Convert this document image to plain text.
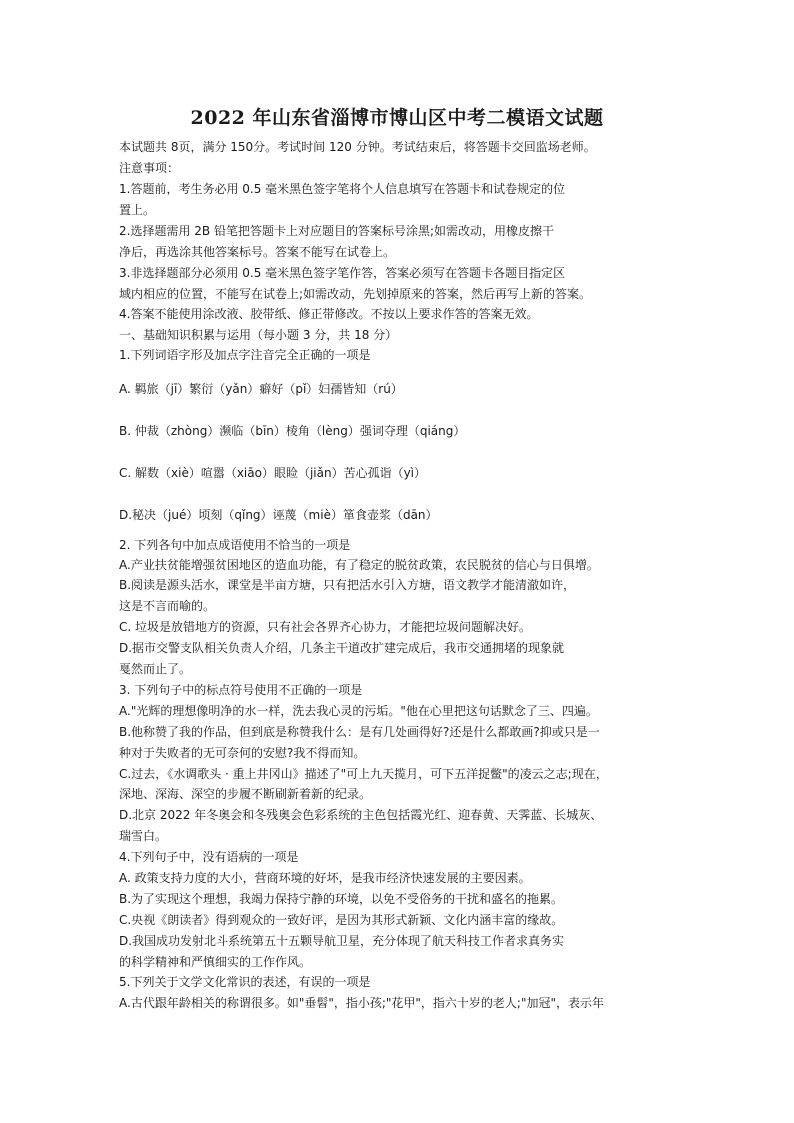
2022 年山东省淄博市博山区中考二模语文试题
本试题共 8页，满分 150分。考试时间 120 分钟。考试结束后，将答题卡交回监场老师。
注意事项：
1.答题前，考生务必用 0.5 毫米黑色签字笔将个人信息填写在答题卡和试卷规定的位
置上。
2.选择题需用 2B 铅笔把答题卡上对应题目的答案标号涂黑;如需改动，用橡皮擦干
净后，再选涂其他答案标号。答案不能写在试卷上。
3.非选择题部分必须用 0.5 毫米黑色签字笔作答，答案必须写在答题卡各题目指定区
域内相应的位置，不能写在试卷上;如需改动，先划掉原来的答案，然后再写上新的答案。
4.答案不能使用涂改液、胶带纸、修正带修改。不按以上要求作答的答案无效。
一、基础知识积累与运用（每小题 3 分，共 18 分）
1.下列词语字形及加点字注音完全正确的一项是
A. 羁旅（jī）繁衍（yǎn）癖好（pǐ）妇孺皆知（rú）
B. 仲裁（zhòng）濒临（bīn）棱角（lèng）强词夺理（qiáng）
C. 解数（xiè）喧嚣（xiāo）眼睑（jiǎn）苦心孤诣（yì）
D.秘决（jué）顷刻（qǐng）诬蔑（miè）箪食壶浆（dān）
2. 下列各句中加点成语使用不恰当的一项是
A.产业扶贫能增强贫困地区的造血功能，有了稳定的脱贫政策，农民脱贫的信心与日俱增。
B.阅读是源头活水，课堂是半亩方塘，只有把活水引入方塘，语文教学才能清澈如许，
这是不言而喻的。
C. 垃圾是放错地方的资源，只有社会各界齐心协力，才能把垃圾问题解决好。
D.据市交警支队相关负责人介绍，几条主干道改扩建完成后，我市交通拥堵的现象就
戛然而止了。
3. 下列句子中的标点符号使用不正确的一项是
A."光辉的理想像明净的水一样，洗去我心灵的污垢。"他在心里把这句话默念了三、四遍。
B.他称赞了我的作品，但到底是称赞我什么：是有几处画得好?还是什么都敢画?抑或只是一
种对于失败者的无可奈何的安慰?我不得而知。
C.过去，《水调歌头 · 重上井冈山》描述了"可上九天揽月，可下五洋捉鳖"的凌云之志;现在，
深地、深海、深空的步履不断刷新着新的纪录。
D.北京 2022 年冬奥会和冬残奥会色彩系统的主色包括霞光红、迎春黄、天霁蓝、长城灰、
瑞雪白。
4.下列句子中，没有语病的一项是
A. 政策支持力度的大小，营商环境的好坏，是我市经济快速发展的主要因素。
B.为了实现这个理想，我竭力保持宁静的环境，以免不受俗务的干扰和盛名的拖累。
C.央视《朗读者》得到观众的一致好评，是因为其形式新颖、文化内涵丰富的缘故。
D.我国成功发射北斗系统第五十五颗导航卫星，充分体现了航天科技工作者求真务实
的科学精神和严慎细实的工作作风。
5.下列关于文学文化常识的表述，有误的一项是
A.古代跟年龄相关的称谓很多。如"垂髫"，指小孩;"花甲"，指六十岁的老人;"加冠"，表示年
